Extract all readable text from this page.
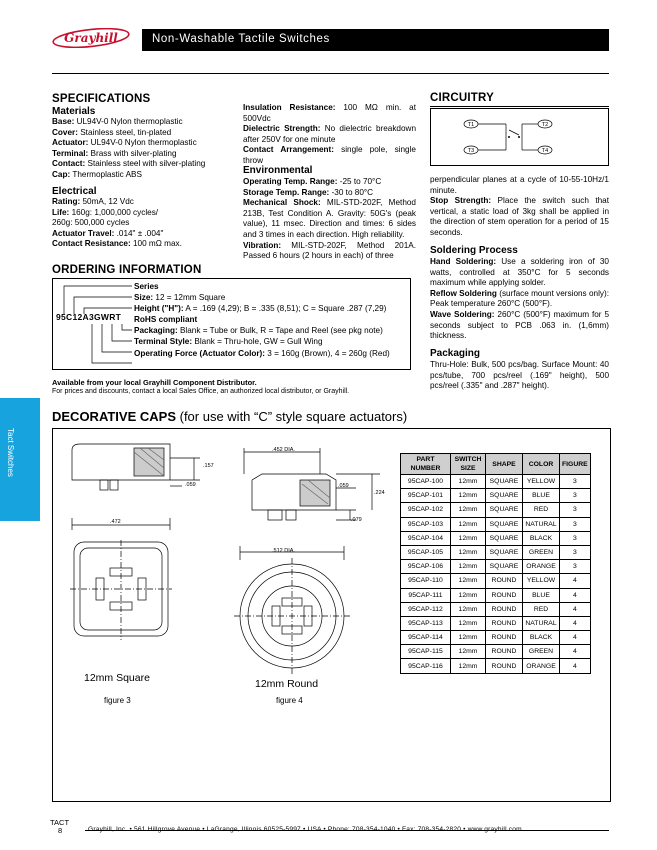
Grayhill	Non-Washable Tactile Switches
Tact Switches
SPECIFICATIONS
Materials
Base: UL94V-0 Nylon thermoplastic
Cover: Stainless steel, tin-plated
Actuator: UL94V-0 Nylon thermoplastic
Terminal: Brass with silver-plating
Contact: Stainless steel with silver-plating
Cap: Thermoplastic ABS
Electrical
Rating: 50mA, 12 Vdc
Life: 160g: 1,000,000 cycles/
260g: 500,000 cycles
Actuator Travel: .014" ± .004"
Contact Resistance: 100 mΩ max.
Insulation Resistance: 100 MΩ min. at 500Vdc
Dielectric Strength: No dielectric breakdown after 250V for one minute
Contact Arrangement: single pole, single throw
Environmental
Operating Temp. Range: -25 to 70°C
Storage Temp. Range: -30 to 80°C
Mechanical Shock: MIL-STD-202F, Method 213B, Test Condition A. Gravity: 50G's (peak value), 11 msec. Direction and times: 6 sides and 3 times in each direction. High reliability.
Vibration: MIL-STD-202F, Method 201A. Passed 6 hours (2 hours in each) of three
CIRCUITRY
T1	T2
T3	T4
perpendicular planes at a cycle of 10-55-10Hz/1 minute.
Stop Strength: Place the switch such that vertical, a static load of 3kg shall be applied in the direction of stem operation for a period of 15 seconds.
Soldering Process
Hand Soldering: Use a soldering iron of 30 watts, controlled at 350°C for 5 seconds maximum while applying solder.
Reflow Soldering (surface mount versions only): Peak temperature 260°C (500°F).
Wave Soldering: 260°C (500°F) maximum for 5 seconds subject to PCB .063 in. (1,6mm) thickness.
Packaging
Thru-Hole: Bulk, 500 pcs/bag. Surface Mount: 40 pcs/tube, 700 pcs/reel (.169" height), 500 pcs/reel (.335" and .287" height).
ORDERING INFORMATION
95C12A3GWRT
Series
Size: 12 = 12mm Square
Height ("H"): A = .169 (4,29); B = .335 (8,51); C = Square .287 (7,29)
RoHS compliant
Packaging: Blank = Tube or Bulk, R = Tape and Reel (see pkg note)
Terminal Style: Blank = Thru-hole, GW = Gull Wing
Operating Force (Actuator Color): 3 = 160g (Brown), 4 = 260g (Red)
Available from your local Grayhill Component Distributor.
For prices and discounts, contact a local Sales Office, an authorized local distributor, or Grayhill.
DECORATIVE CAPS (for use with “C” style square actuators)
.157
.059
.472
12mm Square
figure 3
.452 DIA.
.059
.224
.079
.512 DIA.
12mm Round
figure 4
PART NUMBER	SWITCH SIZE	SHAPE	COLOR	FIGURE
95CAP-100	12mm	SQUARE	YELLOW	3
95CAP-101	12mm	SQUARE	BLUE	3
95CAP-102	12mm	SQUARE	RED	3
95CAP-103	12mm	SQUARE	NATURAL	3
95CAP-104	12mm	SQUARE	BLACK	3
95CAP-105	12mm	SQUARE	GREEN	3
95CAP-106	12mm	SQUARE	ORANGE	3
95CAP-110	12mm	ROUND	YELLOW	4
95CAP-111	12mm	ROUND	BLUE	4
95CAP-112	12mm	ROUND	RED	4
95CAP-113	12mm	ROUND	NATURAL	4
95CAP-114	12mm	ROUND	BLACK	4
95CAP-115	12mm	ROUND	GREEN	4
95CAP-116	12mm	ROUND	ORANGE	4
TACT
8	Grayhill, Inc. • 561 Hillgrove Avenue • LaGrange, Illinois 60525-5997 • USA • Phone: 708-354-1040 • Fax: 708-354-2820 • www.grayhill.com
